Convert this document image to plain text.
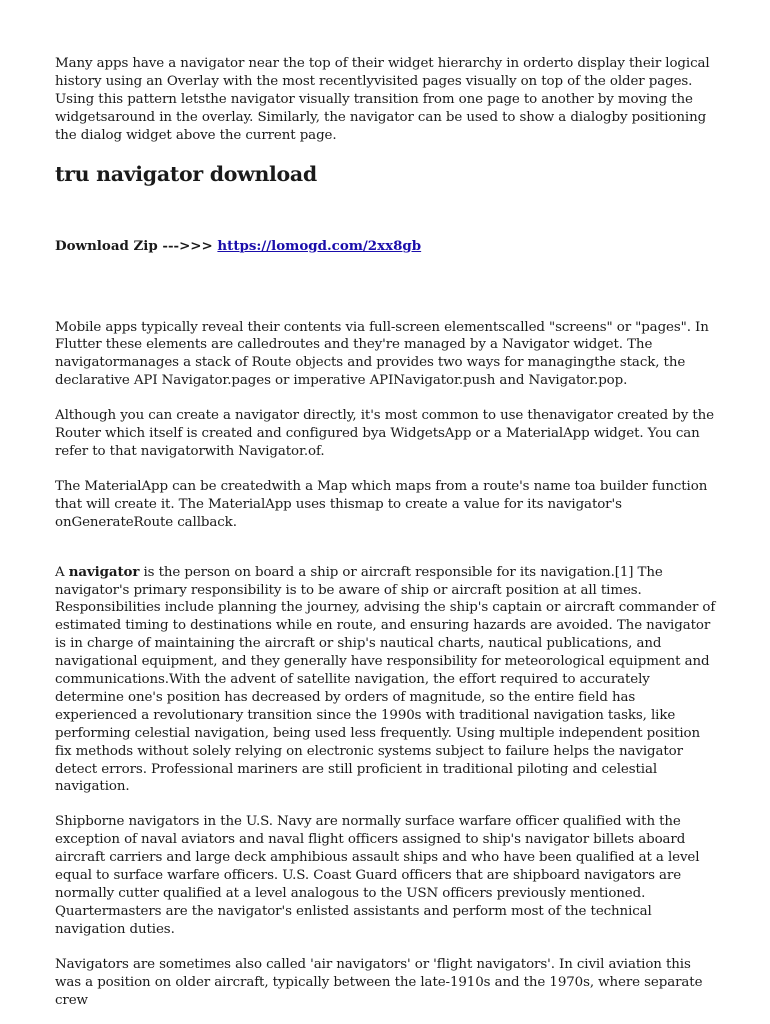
Many apps have a navigator near the top of their widget hierarchy in orderto display their logical history using an Overlay with the most recentlyvisited pages visually on top of the older pages. Using this pattern letsthe navigator visually transition from one page to another by moving the widgetsaround in the overlay. Similarly, the navigator can be used to show a dialogby positioning the dialog widget above the current page.

tru navigator download
Download Zip --->>> https://lomogd.com/2xx8gb

Mobile apps typically reveal their contents via full-screen elementscalled "screens" or "pages". In Flutter these elements are calledroutes and they're managed by a Navigator widget. The navigatormanages a stack of Route objects and provides two ways for managingthe stack, the declarative API Navigator.pages or imperative APINavigator.push and Navigator.pop.

Although you can create a navigator directly, it's most common to use thenavigator created by the Router which itself is created and configured bya WidgetsApp or a MaterialApp widget. You can refer to that navigatorwith Navigator.of.

The MaterialApp can be createdwith a Map which maps from a route's name toa builder function that will create it. The MaterialApp uses thismap to create a value for its navigator's onGenerateRoute callback.

A navigator is the person on board a ship or aircraft responsible for its navigation.[1] The navigator's primary responsibility is to be aware of ship or aircraft position at all times. Responsibilities include planning the journey, advising the ship's captain or aircraft commander of estimated timing to destinations while en route, and ensuring hazards are avoided. The navigator is in charge of maintaining the aircraft or ship's nautical charts, nautical publications, and navigational equipment, and they generally have responsibility for meteorological equipment and communications.With the advent of satellite navigation, the effort required to accurately determine one's position has decreased by orders of magnitude, so the entire field has experienced a revolutionary transition since the 1990s with traditional navigation tasks, like performing celestial navigation, being used less frequently. Using multiple independent position fix methods without solely relying on electronic systems subject to failure helps the navigator detect errors. Professional mariners are still proficient in traditional piloting and celestial navigation.

Shipborne navigators in the U.S. Navy are normally surface warfare officer qualified with the exception of naval aviators and naval flight officers assigned to ship's navigator billets aboard aircraft carriers and large deck amphibious assault ships and who have been qualified at a level equal to surface warfare officers. U.S. Coast Guard officers that are shipboard navigators are normally cutter qualified at a level analogous to the USN officers previously mentioned. Quartermasters are the navigator's enlisted assistants and perform most of the technical navigation duties.

Navigators are sometimes also called 'air navigators' or 'flight navigators'. In civil aviation this was a position on older aircraft, typically between the late-1910s and the 1970s, where separate crew
